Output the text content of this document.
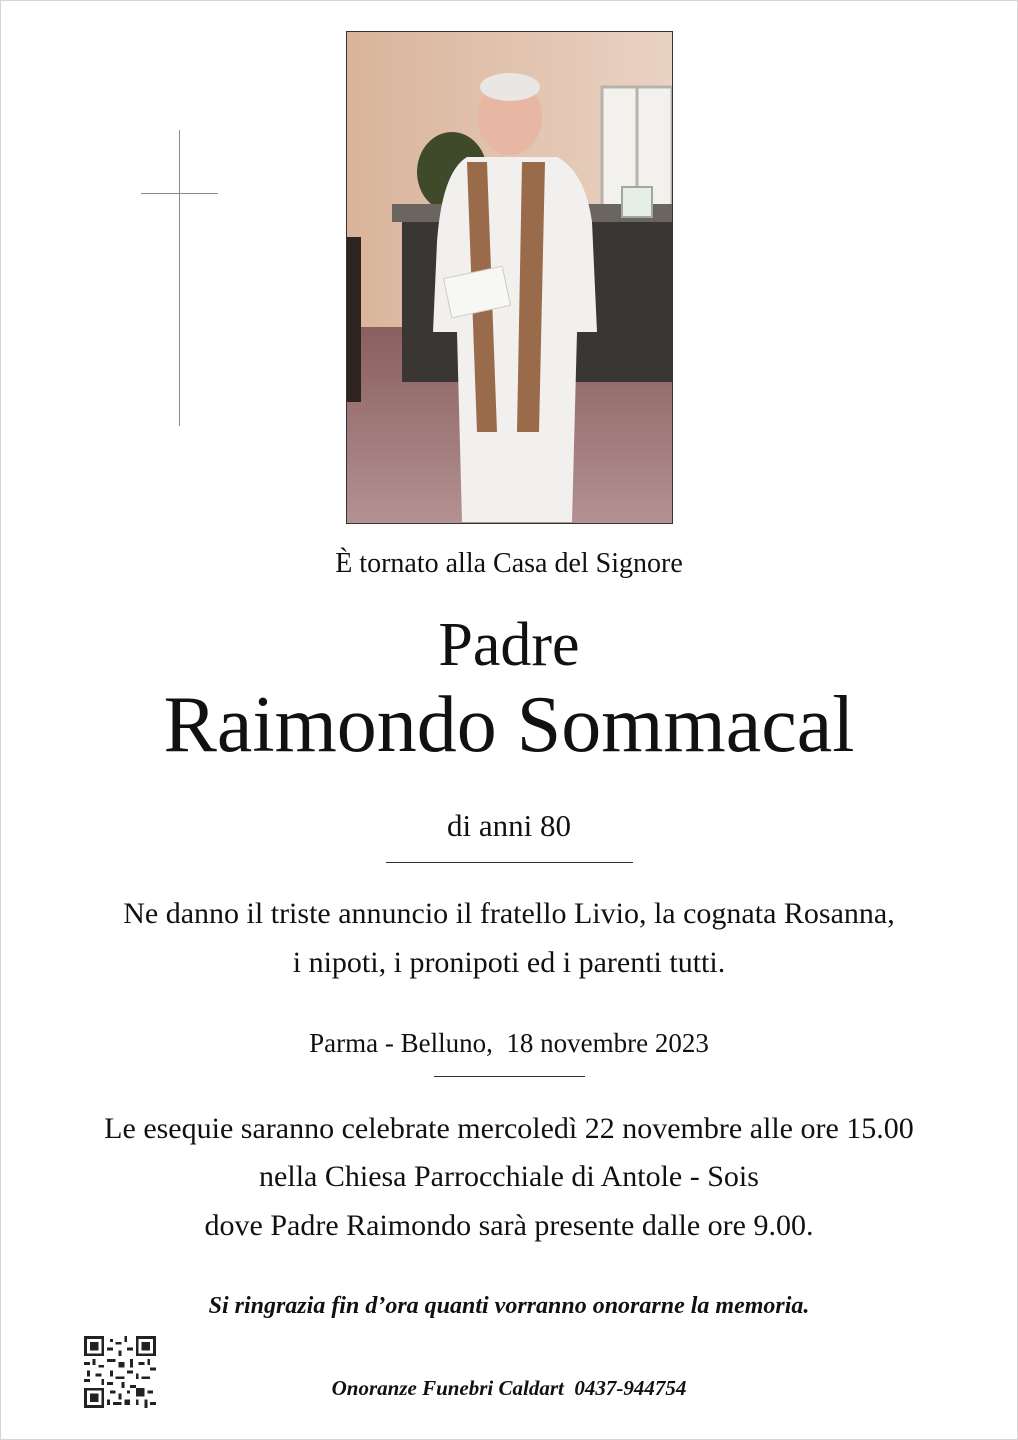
È tornato alla Casa del Signore
Padre
Raimondo Sommacal
di anni 80
Ne danno il triste annuncio il fratello Livio, la cognata Rosanna,
i nipoti, i pronipoti ed i parenti tutti.
Parma - Belluno,  18 novembre 2023
Le esequie saranno celebrate mercoledì 22 novembre alle ore 15.00
nella Chiesa Parrocchiale di Antole - Sois
dove Padre Raimondo sarà presente dalle ore 9.00.
Si ringrazia fin d’ora quanti vorranno onorarne la memoria.
Onoranze Funebri Caldart  0437-944754
